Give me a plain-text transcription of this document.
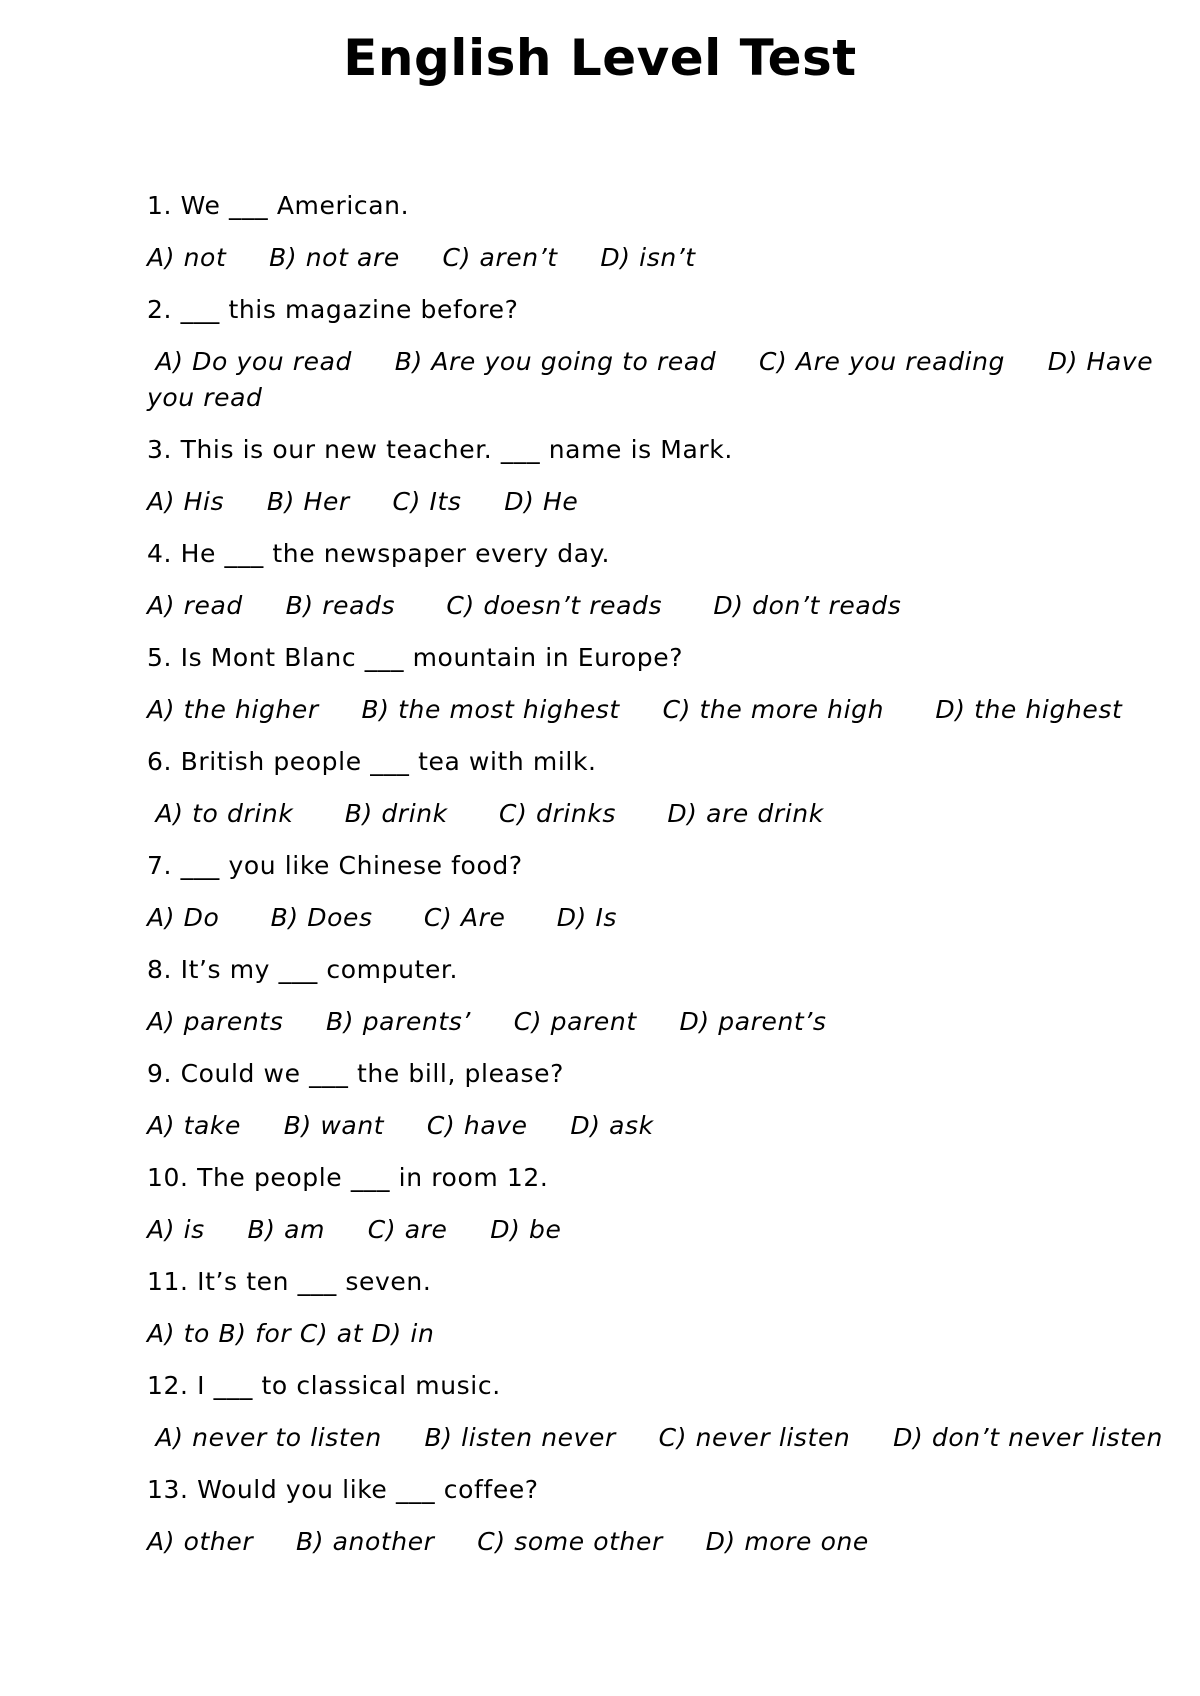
English Level Test
1. We ___ American.
A) not     B) not are     C) aren’t     D) isn’t
2. ___ this magazine before?
A) Do you read     B) Are you going to read     C) Are you reading     D) Have you read
3. This is our new teacher. ___ name is Mark.
A) His     B) Her     C) Its     D) He
4. He ___ the newspaper every day.
A) read     B) reads      C) doesn’t reads      D) don’t reads
5. Is Mont Blanc ___ mountain in Europe?
A) the higher     B) the most highest     C) the more high      D) the highest
6. British people ___ tea with milk.
A) to drink      B) drink      C) drinks      D) are drink
7. ___ you like Chinese food?
A) Do      B) Does      C) Are      D) Is
8. It’s my ___ computer.
A) parents     B) parents’     C) parent     D) parent’s
9. Could we ___ the bill, please?
A) take     B) want     C) have     D) ask
10. The people ___ in room 12.
A) is     B) am     C) are     D) be
11. It’s ten ___ seven.
A) to B) for C) at D) in
12. I ___ to classical music.
A) never to listen     B) listen never     C) never listen     D) don’t never listen
13. Would you like ___ coffee?
A) other     B) another     C) some other     D) more one
